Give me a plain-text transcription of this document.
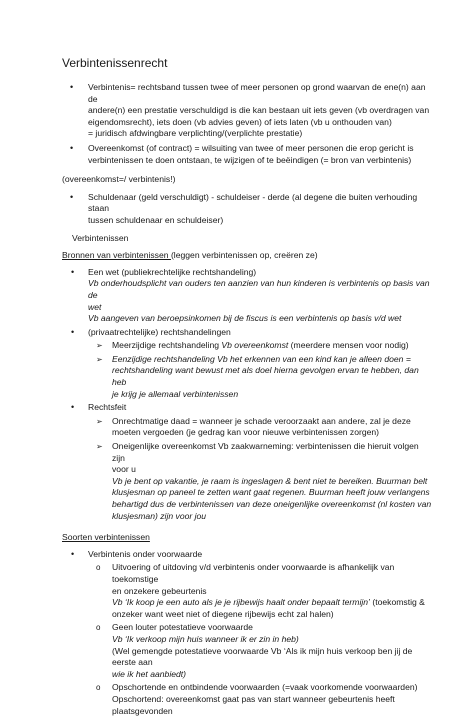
Verbintenissenrecht
• Verbintenis= rechtsband tussen twee of meer personen op grond waarvan de ene(n) aan de
andere(n) een prestatie verschuldigd is die kan bestaan uit iets geven (vb overdragen van
eigendomsrecht), iets doen (vb advies geven) of iets laten (vb u onthouden van)
= juridisch afdwingbare verplichting/(verplichte prestatie)
• Overeenkomst (of contract) = wilsuiting van twee of meer personen die erop gericht is
verbintenissen te doen ontstaan, te wijzigen of te beëindigen (= bron van verbintenis)
(overeenkomst=/ verbintenis!)
• Schuldenaar (geld verschuldigt) - schuldeiser - derde (al degene die buiten verhouding staan
tussen schuldenaar en schuldeiser)
Verbintenissen
Bronnen van verbintenissen (leggen verbintenissen op, creëren ze)
• Een wet (publiekrechtelijke rechtshandeling)
Vb onderhoudsplicht van ouders ten aanzien van hun kinderen is verbintenis op basis van de
wet
Vb aangeven van beroepsinkomen bij de fiscus is een verbintenis op basis v/d wet
• (privaatrechtelijke) rechtshandelingen
➢ Meerzijdige rechtshandeling Vb overeenkomst (meerdere mensen voor nodig)
➢ Eenzijdige rechtshandeling Vb het erkennen van een kind kan je alleen doen =
rechtshandeling want bewust met als doel hierna gevolgen ervan te hebben, dan heb
je krijg je allemaal verbintenissen
• Rechtsfeit
➢ Onrechtmatige daad = wanneer je schade veroorzaakt aan andere, zal je deze
moeten vergoeden (je gedrag kan voor nieuwe verbintenissen zorgen)
➢ Oneigenlijke overeenkomst Vb zaakwarneming: verbintenissen die hieruit volgen zijn
voor u
Vb je bent op vakantie, je raam is ingeslagen & bent niet te bereiken. Buurman belt
klusjesman op paneel te zetten want gaat regenen. Buurman heeft jouw verlangens
behartigd dus de verbintenissen van deze oneigenlijke overeenkomst (nl kosten van
klusjesman) zijn voor jou
Soorten verbintenissen
• Verbintenis onder voorwaarde
o Uitvoering of uitdoving v/d verbintenis onder voorwaarde is afhankelijk van toekomstige
en onzekere gebeurtenis
Vb ‘Ik koop je een auto als je je rijbewijs haalt onder bepaalt termijn’ (toekomstig &
onzeker want weet niet of diegene rijbewijs echt zal halen)
o Geen louter potestatieve voorwaarde
Vb ‘Ik verkoop mijn huis wanneer ik er zin in heb)
(Wel gemengde potestatieve voorwaarde Vb ‘Als ik mijn huis verkoop ben jij de eerste aan
wie ik het aanbiedt)
o Opschortende en ontbindende voorwaarden (=vaak voorkomende voorwaarden)
Opschortend: overeenkomst gaat pas van start wanneer gebeurtenis heeft
plaatsgevonden
